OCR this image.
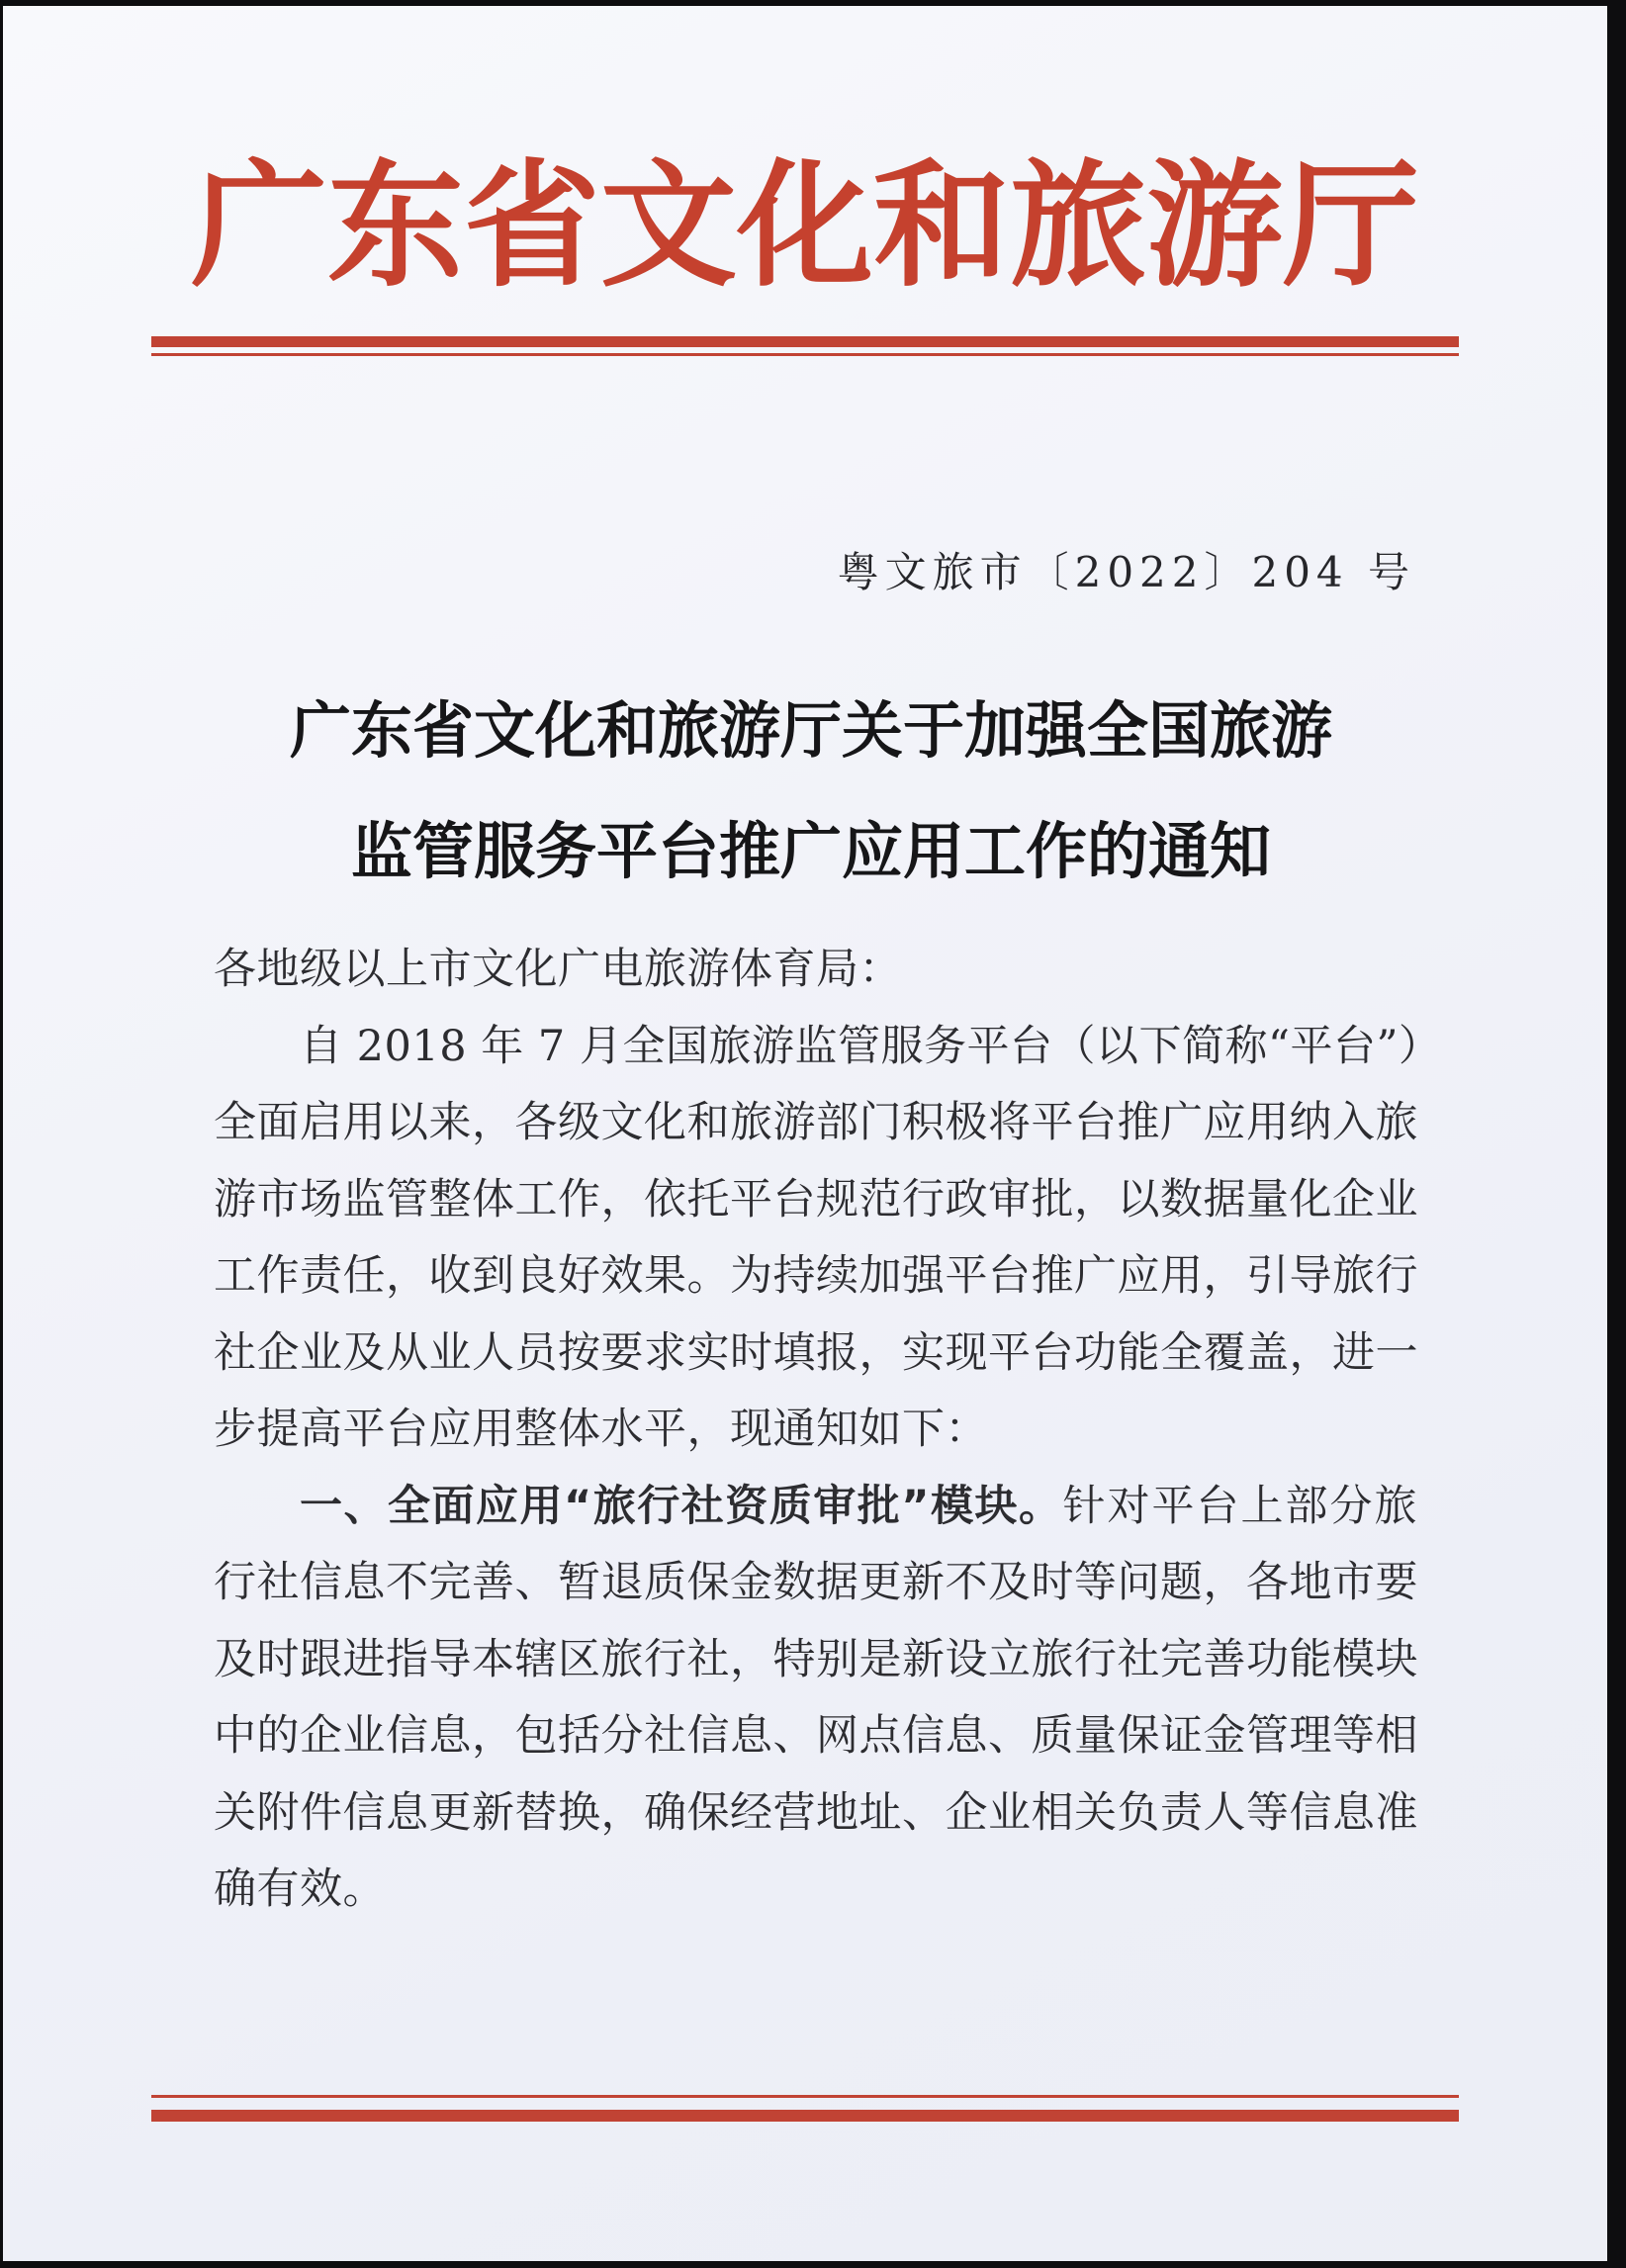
广东省文化和旅游厅
粤文旅市〔2022〕204 号
广东省文化和旅游厅关于加强全国旅游
监管服务平台推广应用工作的通知
各地级以上市文化广电旅游体育局：
自 2018 年 7 月全国旅游监管服务平台（以下简称“平台”）
全面启用以来，各级文化和旅游部门积极将平台推广应用纳入旅
游市场监管整体工作，依托平台规范行政审批，以数据量化企业
工作责任，收到良好效果。为持续加强平台推广应用，引导旅行
社企业及从业人员按要求实时填报，实现平台功能全覆盖，进一
步提高平台应用整体水平，现通知如下：
一、全面应用“旅行社资质审批”模块。针对平台上部分旅
行社信息不完善、暂退质保金数据更新不及时等问题，各地市要
及时跟进指导本辖区旅行社，特别是新设立旅行社完善功能模块
中的企业信息，包括分社信息、网点信息、质量保证金管理等相
关附件信息更新替换，确保经营地址、企业相关负责人等信息准
确有效。
